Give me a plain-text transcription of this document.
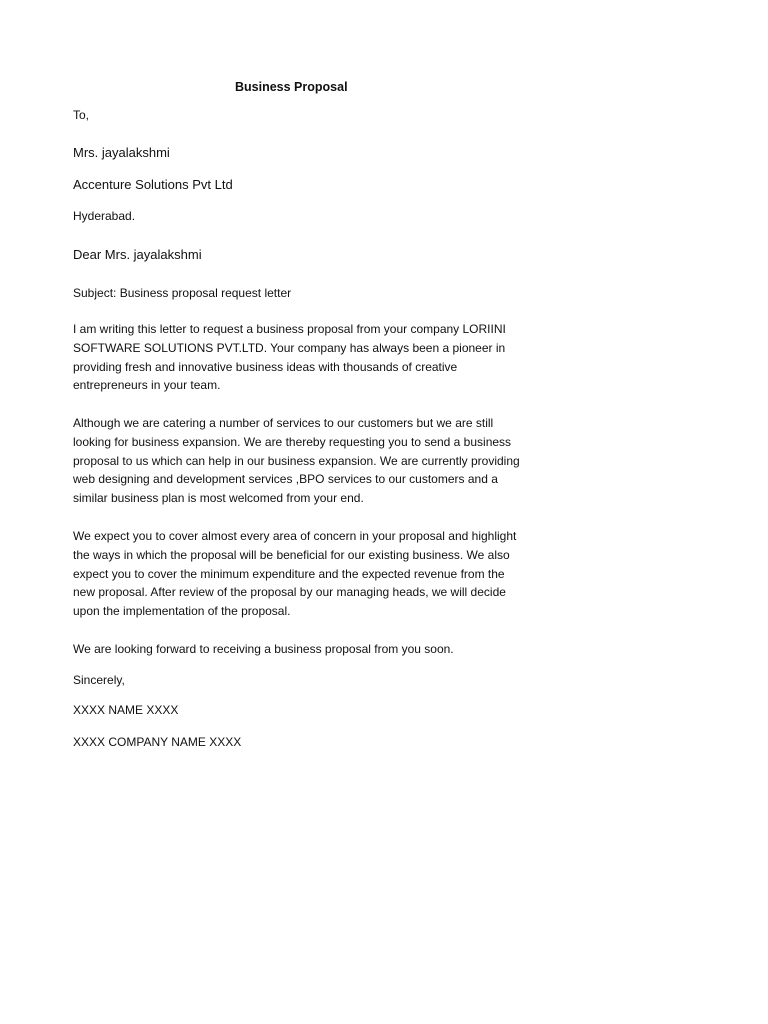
Business Proposal
To,
Mrs. jayalakshmi
Accenture Solutions Pvt Ltd
Hyderabad.
Dear Mrs. jayalakshmi
Subject: Business proposal request letter
I am writing this letter to request a business proposal from your company LORIINI
SOFTWARE SOLUTIONS PVT.LTD. Your company has always been a pioneer in
providing fresh and innovative business ideas with thousands of creative
entrepreneurs in your team.
Although we are catering a number of services to our customers but we are still
looking for business expansion. We are thereby requesting you to send a business
proposal to us which can help in our business expansion. We are currently providing
web designing and development services ,BPO services to our customers and a
similar business plan is most welcomed from your end.
We expect you to cover almost every area of concern in your proposal and highlight
the ways in which the proposal will be beneficial for our existing business. We also
expect you to cover the minimum expenditure and the expected revenue from the
new proposal. After review of the proposal by our managing heads, we will decide
upon the implementation of the proposal.
We are looking forward to receiving a business proposal from you soon.
Sincerely,
XXXX NAME XXXX
XXXX COMPANY NAME XXXX
